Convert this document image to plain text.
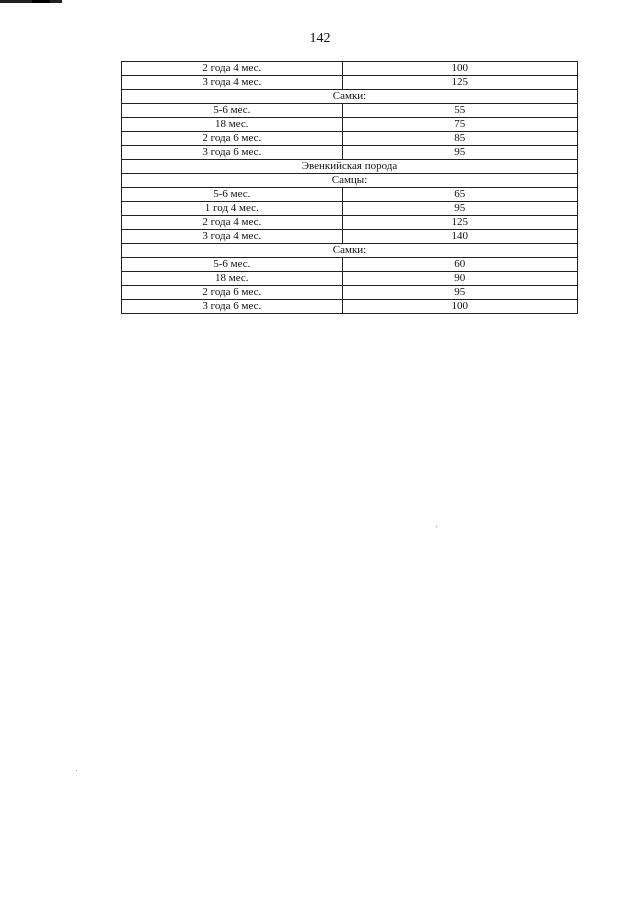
142
2 года 4 мес.	100
3 года 4 мес.	125
Самки:	
5-6 мес.	55
18 мес.	75
2 года 6 мес.	85
3 года 6 мес.	95
Эвенкийская порода	
Самцы:	
5-6 мес.	65
1 год 4 мес.	95
2 года 4 мес.	125
3 года 4 мес.	140
Самки:	
5-6 мес.	60
18 мес.	90
2 года 6 мес.	95
3 года 6 мес.	100
